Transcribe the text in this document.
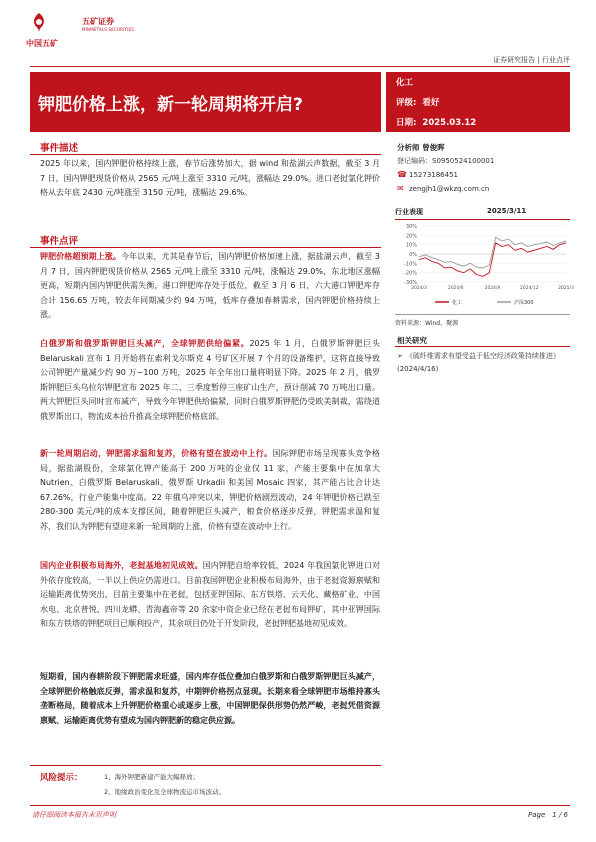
中国五矿
五矿证券
MINMETALS SECURITIES
证券研究报告 | 行业点评
钾肥价格上涨，新一轮周期将开启?
化工
评级: 看好
日期: 2025.03.12
事件描述
2025 年以来，国内钾肥价格持续上涨，春节后涨势加大，据 wind 和盐湖云声数据，截至 3 月 7 日，国内钾肥现货价格从 2565 元/吨上涨至 3310 元/吨，涨幅达 29.0%。进口老挝氯化钾价格从去年底 2430 元/吨涨至 3150 元/吨，涨幅达 29.6%。
事件点评
钾肥价格超预期上涨。今年以来，尤其是春节后，国内钾肥价格加速上涨，据盐湖云声，截至 3 月 7 日，国内钾肥现货价格从 2565 元/吨上涨至 3310 元/吨，涨幅达 29.0%，东北地区涨幅更高，短期内国内钾肥供需失衡，港口钾肥库存处于低位，截至 3 月 6 日，六大港口钾肥库存合计 156.65 万吨，较去年同期减少约 94 万吨，低库存叠加春耕需求，国内钾肥价格持续上涨。
白俄罗斯和俄罗斯钾肥巨头减产，全球钾肥供给偏紧。2025 年 1 月，白俄罗斯钾肥巨头 Belaruskali 宣布 1 月开始将在索利戈尔斯克 4 号矿区开展 7 个月的设备维护，这将直接导致公司钾肥产量减少约 90 万~100 万吨，2025 年全年出口量将明显下降。2025 年 2 月，俄罗斯钾肥巨头乌拉尔钾肥宣布 2025 年二、三季度暂停三座矿山生产，预计削减 70 万吨出口量。两大钾肥巨头同时宣布减产，导致今年钾肥供给偏紧，同时白俄罗斯钾肥仍受欧美制裁，需绕道俄罗斯出口，物流成本抬升推高全球钾肥价格底部。
新一轮周期启动，钾肥需求温和复苏，价格有望在波动中上行。国际钾肥市场呈现寡头竞争格局，据盐湖股份，全球氯化钾产能高于 200 万吨的企业仅 11 家，产能主要集中在加拿大 Nutrien、白俄罗斯 Belaruskali、俄罗斯 Urkadii 和美国 Mosaic 四家，其产能占比合计达 67.26%，行业产能集中度高。22 年俄乌冲突以来，钾肥价格剧烈波动，24 年钾肥价格已跌至 280-300 美元/吨的成本支撑区间，随着钾肥巨头减产，粮食价格逐步反弹，钾肥需求温和复苏，我们认为钾肥有望迎来新一轮周期的上涨，价格有望在波动中上行。
国内企业积极布局海外，老挝基地初见成效。国内钾肥自给率较低，2024 年我国氯化钾进口对外依存度较高，一半以上供应仍需进口。目前我国钾肥企业积极布局海外，由于老挝资源禀赋和运输距离优势突出，目前主要集中在老挝，包括亚钾国际、东方铁塔、云天化、藏格矿业、中国水电、北京普悦、四川龙蟒、青海鑫帝等 20 余家中资企业已经在老挝布局钾矿，其中亚钾国际和东方铁塔的钾肥项目已顺利投产，其余项目仍处于开发阶段，老挝钾肥基地初见成效。
短期看，国内春耕阶段下钾肥需求旺盛，国内库存低位叠加白俄罗斯和白俄罗斯钾肥巨头减产，全球钾肥价格触底反弹，需求温和复苏，中期钾价格拐点显现。长期来看全球钾肥市场维持寡头垄断格局，随着成本上升钾肥价格重心或逐步上涨，中国钾肥保供形势仍然严峻，老挝凭借资源禀赋、运输距离优势有望成为国内钾肥新的稳定供应源。
分析师 曾俊晖
登记编码：S0950524100001
☎ 15273186451
✉ zengjh1@wkzq.com.cn
行业表现	2025/3/11
30%
20%
10%
0%
-10%
-20%
-30%
2024/3	2024/6	2024/9	2024/12	2025/3
化工	沪深300
资料来源：Wind，聚源
相关研究
➢ 《硫纤维需求有望受益于低空经济政策持续推进》 (2024/4/16)
风险提示：	1、海外钾肥新建产能大幅释放；
2、地缘政治变化及全球物流运市场波动。
请仔细阅读本报告末页声明	Page　1 / 6
